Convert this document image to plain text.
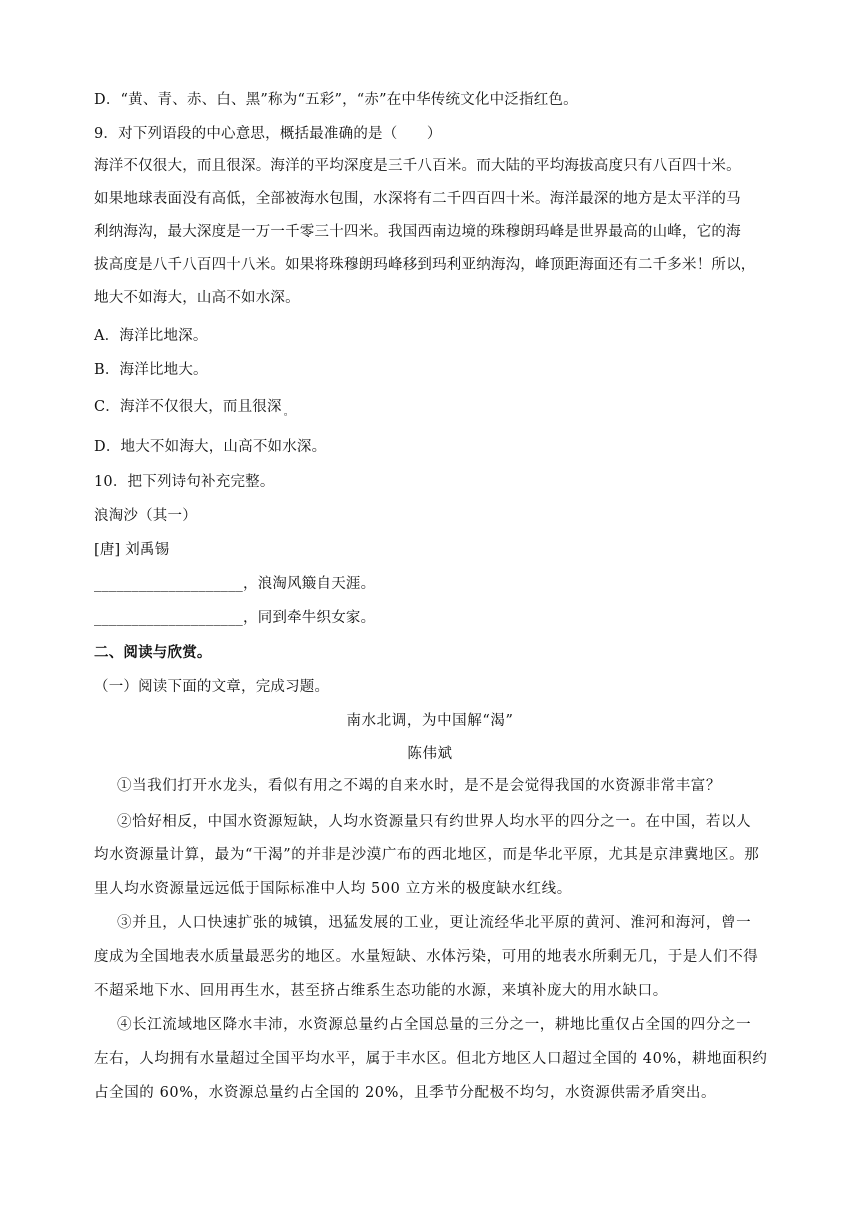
D．“黄、青、赤、白、黑”称为“五彩”，“赤”在中华传统文化中泛指红色。
9．对下列语段的中心意思，概括最准确的是（　　）
海洋不仅很大，而且很深。海洋的平均深度是三千八百米。而大陆的平均海拔高度只有八百四十米。
如果地球表面没有高低，全部被海水包围，水深将有二千四百四十米。海洋最深的地方是太平洋的马
利纳海沟，最大深度是一万一千零三十四米。我国西南边境的珠穆朗玛峰是世界最高的山峰，它的海
拔高度是八千八百四十八米。如果将珠穆朗玛峰移到玛利亚纳海沟，峰顶距海面还有二千多米！所以，
地大不如海大，山高不如水深。
A．海洋比地深。
B．海洋比地大。
C．海洋不仅很大，而且很深 $_。$
D．地大不如海大，山高不如水深。
10．把下列诗句补充完整。
浪淘沙（其一）
[唐] 刘禹锡
____________________，浪淘风簸自天涯。
____________________，同到牵牛织女家。
二、阅读与欣赏。
（一）阅读下面的文章，完成习题。
南水北调，为中国解“渴”
陈伟斌
①当我们打开水龙头，看似有用之不竭的自来水时，是不是会觉得我国的水资源非常丰富？
②恰好相反，中国水资源短缺，人均水资源量只有约世界人均水平的四分之一。在中国，若以人
均水资源量计算，最为“干渴”的并非是沙漠广布的西北地区，而是华北平原，尤其是京津冀地区。那
里人均水资源量远远低于国际标准中人均 500 立方米的极度缺水红线。
③并且，人口快速扩张的城镇，迅猛发展的工业，更让流经华北平原的黄河、淮河和海河，曾一
度成为全国地表水质量最恶劣的地区。水量短缺、水体污染，可用的地表水所剩无几，于是人们不得
不超采地下水、回用再生水，甚至挤占维系生态功能的水源，来填补庞大的用水缺口。
④长江流域地区降水丰沛，水资源总量约占全国总量的三分之一，耕地比重仅占全国的四分之一
左右，人均拥有水量超过全国平均水平，属于丰水区。但北方地区人口超过全国的 40%，耕地面积约
占全国的 60%，水资源总量约占全国的 20%，且季节分配极不均匀，水资源供需矛盾突出。
